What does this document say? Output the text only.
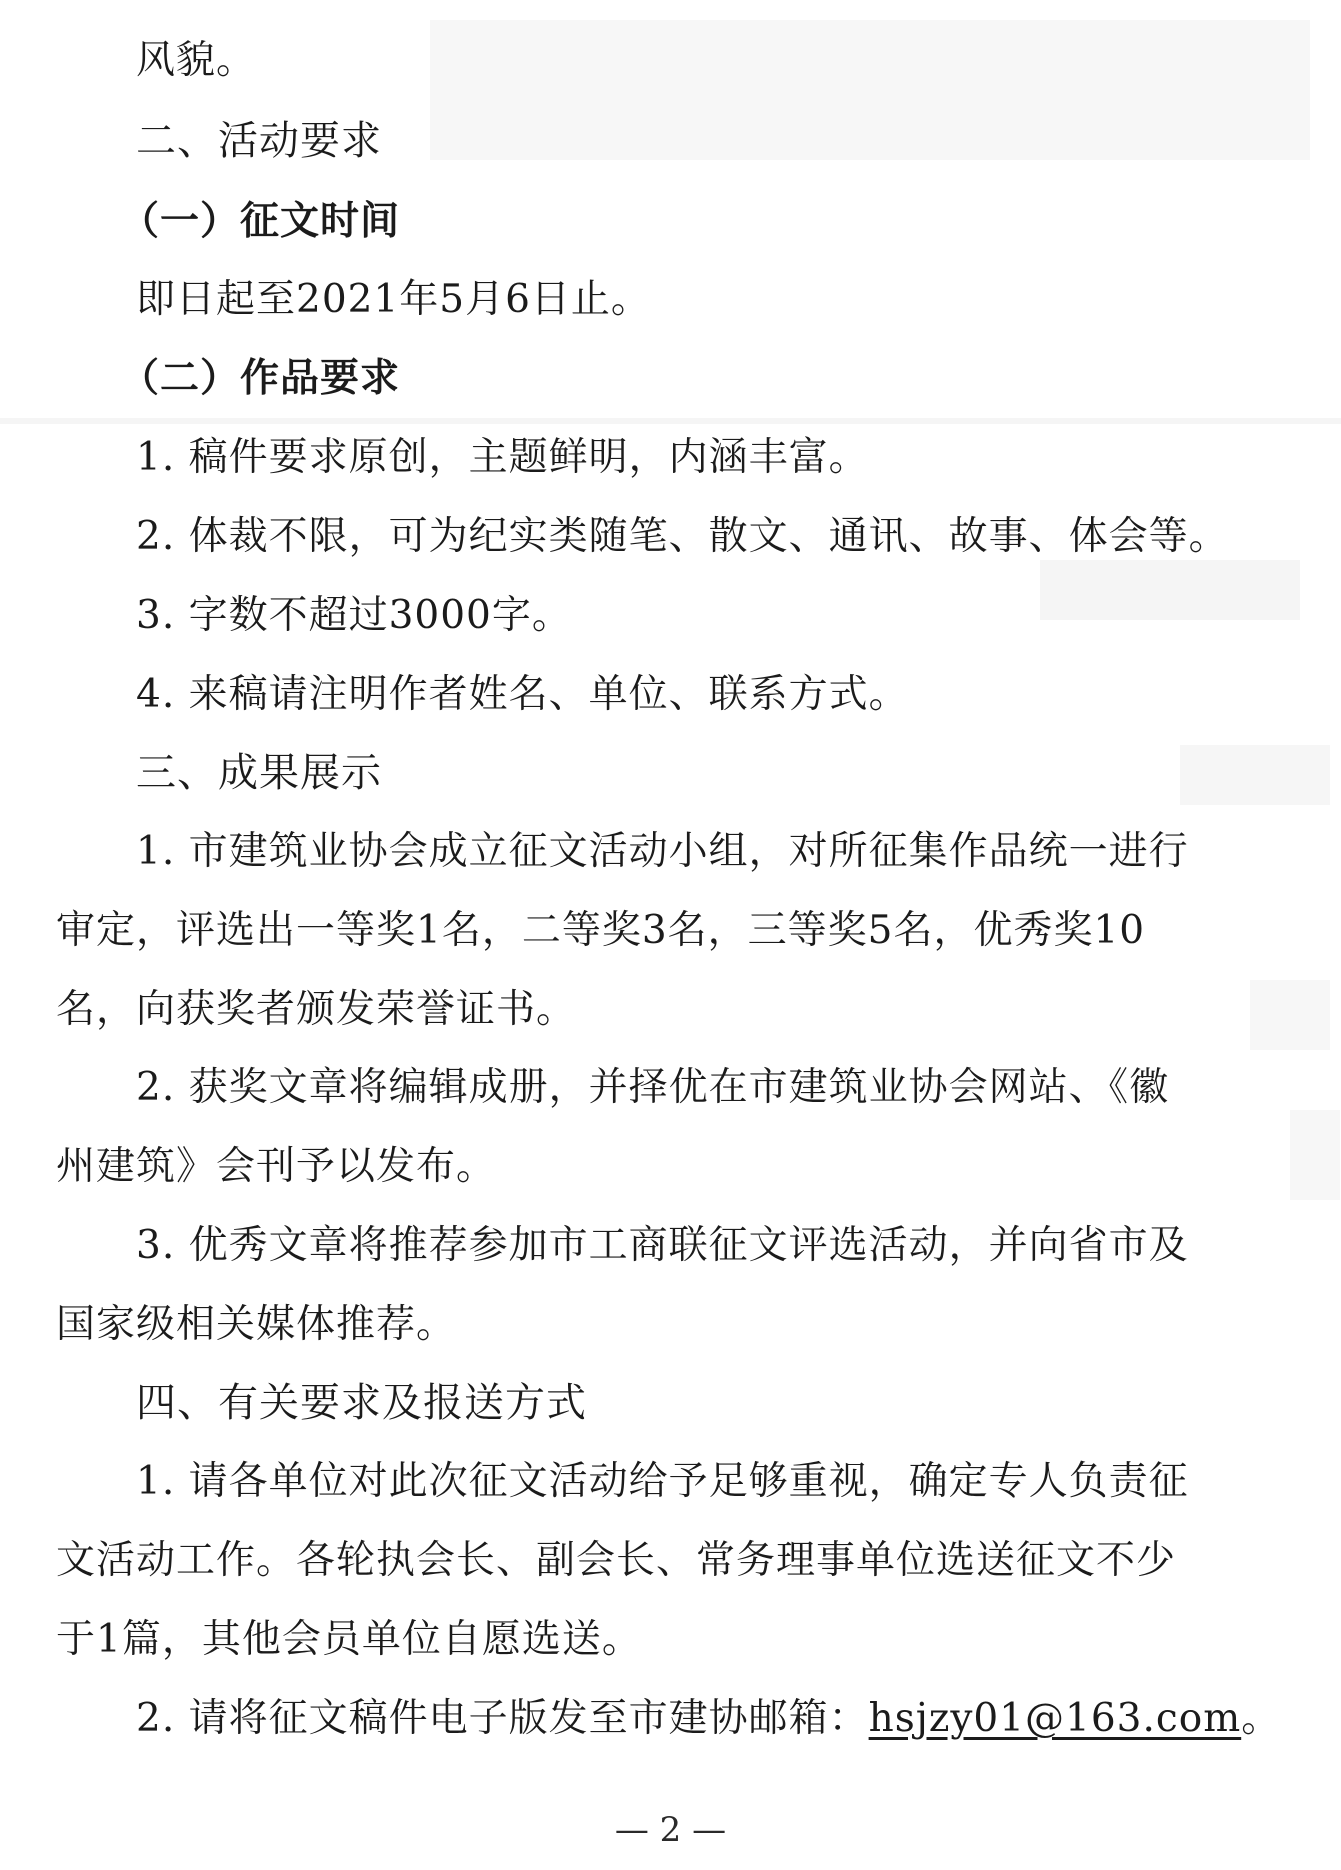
风貌。
二、活动要求
（一）征文时间
即日起至2021年5月6日止。
（二）作品要求
1. 稿件要求原创，主题鲜明，内涵丰富。
2. 体裁不限，可为纪实类随笔、散文、通讯、故事、体会等。
3. 字数不超过3000字。
4. 来稿请注明作者姓名、单位、联系方式。
三、成果展示
1. 市建筑业协会成立征文活动小组，对所征集作品统一进行
审定，评选出一等奖1名，二等奖3名，三等奖5名，优秀奖10
名，向获奖者颁发荣誉证书。
2. 获奖文章将编辑成册，并择优在市建筑业协会网站、《徽
州建筑》会刊予以发布。
3. 优秀文章将推荐参加市工商联征文评选活动，并向省市及
国家级相关媒体推荐。
四、有关要求及报送方式
1. 请各单位对此次征文活动给予足够重视，确定专人负责征
文活动工作。各轮执会长、副会长、常务理事单位选送征文不少
于1篇，其他会员单位自愿选送。
2. 请将征文稿件电子版发至市建协邮箱：hsjzy01@163.com。
— 2 —
